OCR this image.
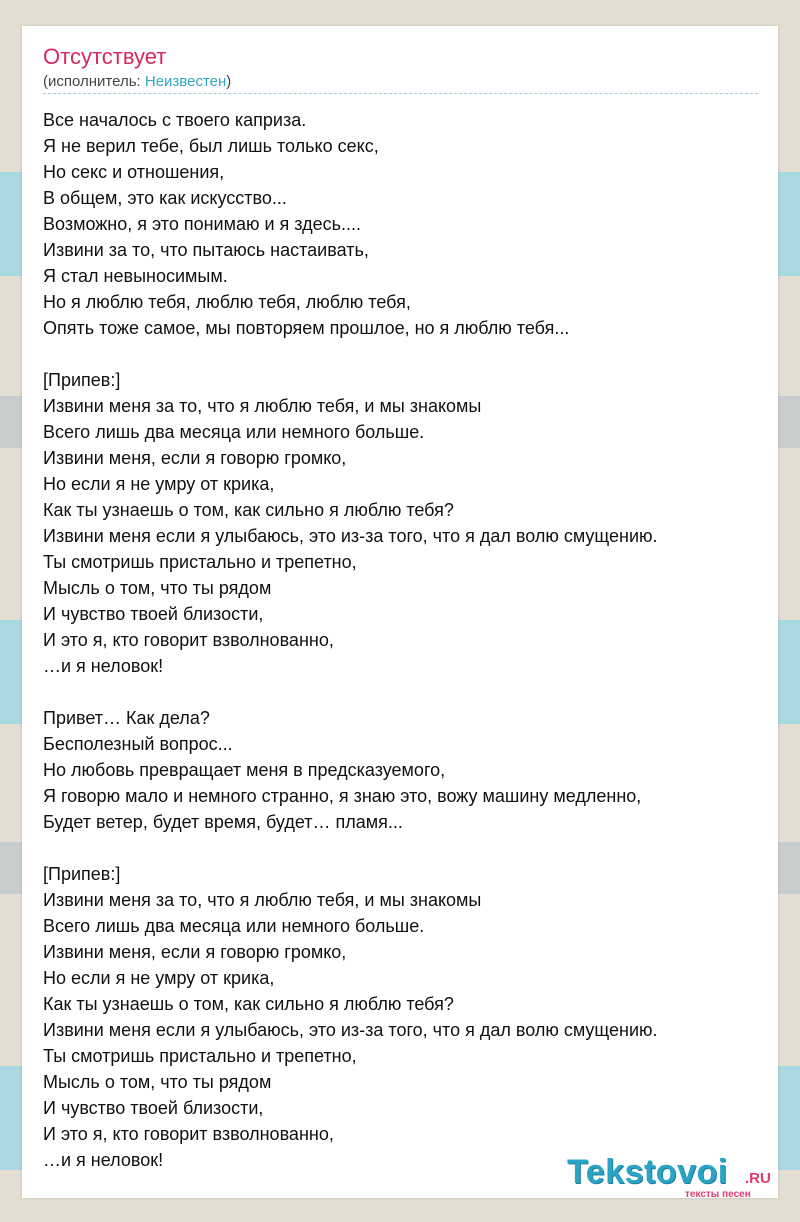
Отсутствует
(исполнитель: Неизвестен)
Все началось с твоего каприза.
Я не верил тебе, был лишь только секс,
Но секс и отношения,
В общем, это как искусство...
Возможно, я это понимаю и я здесь....
Извини за то, что пытаюсь настаивать,
Я стал невыносимым.
Но я люблю тебя, люблю тебя, люблю тебя,
Опять тоже самое, мы повторяем прошлое, но я люблю тебя...
[Припев:]
Извини меня за то, что я люблю тебя, и мы знакомы
Всего лишь два месяца или немного больше.
Извини меня, если я говорю громко,
Но если я не умру от крика,
Как ты узнаешь о том, как сильно я люблю тебя?
Извини меня если я улыбаюсь, это из-за того, что я дал волю смущению.
Ты смотришь пристально и трепетно,
Мысль о том, что ты рядом
И чувство твоей близости,
И это я, кто говорит взволнованно,
…и я неловок!
Привет… Как дела?
Бесполезный вопрос...
Но любовь превращает меня в предсказуемого,
Я говорю мало и немного странно, я знаю это, вожу машину медленно,
Будет ветер, будет время, будет… пламя...
[Припев:]
Извини меня за то, что я люблю тебя, и мы знакомы
Всего лишь два месяца или немного больше.
Извини меня, если я говорю громко,
Но если я не умру от крика,
Как ты узнаешь о том, как сильно я люблю тебя?
Извини меня если я улыбаюсь, это из-за того, что я дал волю смущению.
Ты смотришь пристально и трепетно,
Мысль о том, что ты рядом
И чувство твоей близости,
И это я, кто говорит взволнованно,
…и я неловок!	Tekstovoi .RU
тексты песен
